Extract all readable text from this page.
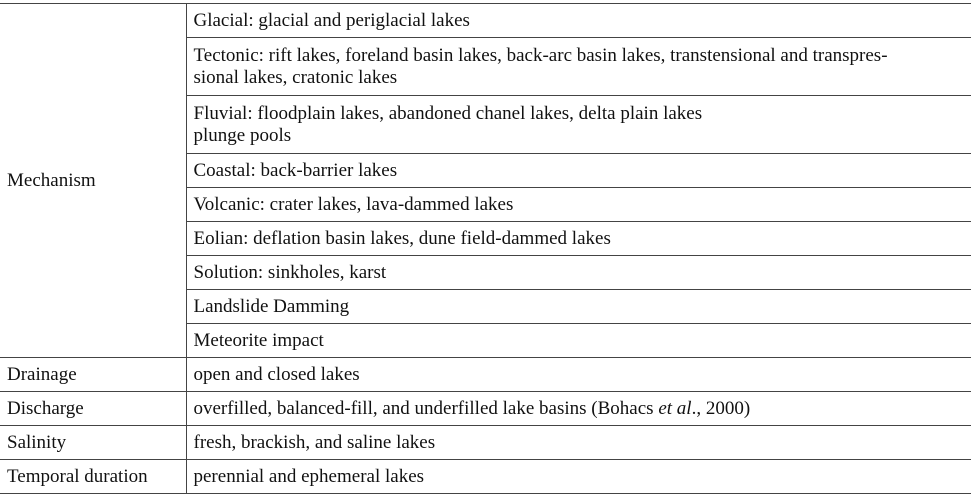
Mechanism	Glacial: glacial and periglacial lakes

	Tectonic: rift lakes, foreland basin lakes, back-arc basin lakes, transtensional and transpres-
sional lakes, cratonic lakes

	Fluvial: floodplain lakes, abandoned chanel lakes, delta plain lakes
plunge pools

	Coastal: back-barrier lakes

	Volcanic: crater lakes, lava-dammed lakes

	Eolian: deflation basin lakes, dune field-dammed lakes

	Solution: sinkholes, karst

	Landslide Damming

	Meteorite impact

Drainage	open and closed lakes
Discharge	overfilled, balanced-fill, and underfilled lake basins (Bohacs et al., 2000)
Salinity	fresh, brackish, and saline lakes
Temporal duration	perennial and ephemeral lakes
